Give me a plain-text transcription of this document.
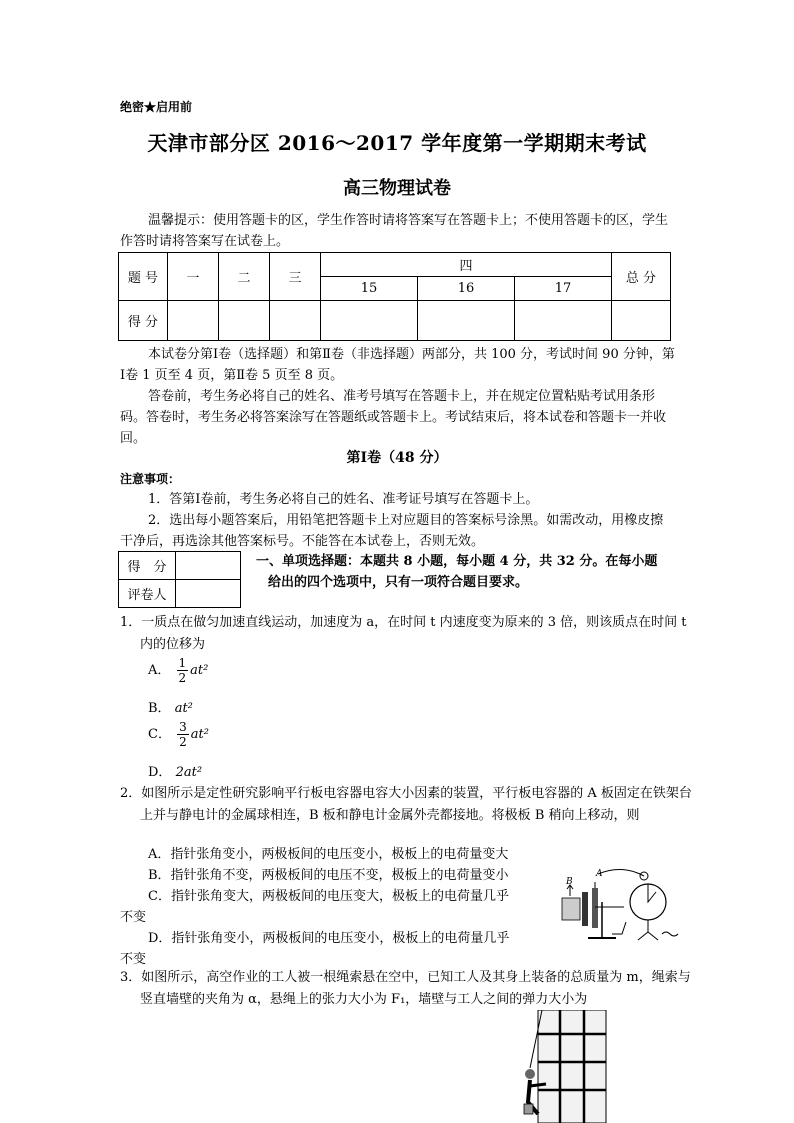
绝密★启用前
天津市部分区 2016～2017 学年度第一学期期末考试
高三物理试卷
温馨提示：使用答题卡的区，学生作答时请将答案写在答题卡上；不使用答题卡的区，学生作答时请将答案写在试卷上。
题 号	一	二	三	四			总 分
				15	16	17	
得 分							
本试卷分第Ⅰ卷（选择题）和第Ⅱ卷（非选择题）两部分，共 100 分，考试时间 90 分钟，第Ⅰ卷 1 页至 4 页，第Ⅱ卷 5 页至 8 页。
答卷前，考生务必将自己的姓名、准考号填写在答题卡上，并在规定位置粘贴考试用条形码。答卷时，考生务必将答案涂写在答题纸或答题卡上。考试结束后，将本试卷和答题卡一并收回。
第Ⅰ卷（48 分）
注意事项：
1．答第Ⅰ卷前，考生务必将自己的姓名、准考证号填写在答题卡上。
2．选出每小题答案后，用铅笔把答题卡上对应题目的答案标号涂黑。如需改动，用橡皮擦干净后，再选涂其他答案标号。不能答在本试卷上，否则无效。
得　分	
评卷人	
一、单项选择题：本题共 8 小题，每小题 4 分，共 32 分。在每小题
给出的四个选项中，只有一项符合题目要求。
1．一质点在做匀加速直线运动，加速度为 a，在时间 t 内速度变为原来的 3 倍，则该质点在时间 t 内的位移为
A． $\frac{1}{2} at^2$
B． at²
C． $\frac{3}{2} at^2$
D． 2at²
2．如图所示是定性研究影响平行板电容器电容大小因素的装置，平行板电容器的 A 板固定在铁架台上并与静电计的金属球相连，B 板和静电计金属外壳都接地。将极板 B 稍向上移动，则
A．指针张角变小，两极板间的电压变小，极板上的电荷量变大
B．指针张角不变，两极板间的电压不变，极板上的电荷量变小
C．指针张角变大，两极板间的电压变大，极板上的电荷量几乎
不变
D．指针张角变小，两极板间的电压变小，极板上的电荷量几乎
不变
B
A
3．如图所示，高空作业的工人被一根绳索悬在空中，已知工人及其身上装备的总质量为 m，绳索与竖直墙壁的夹角为 α，悬绳上的张力大小为 F₁，墙壁与工人之间的弹力大小为
